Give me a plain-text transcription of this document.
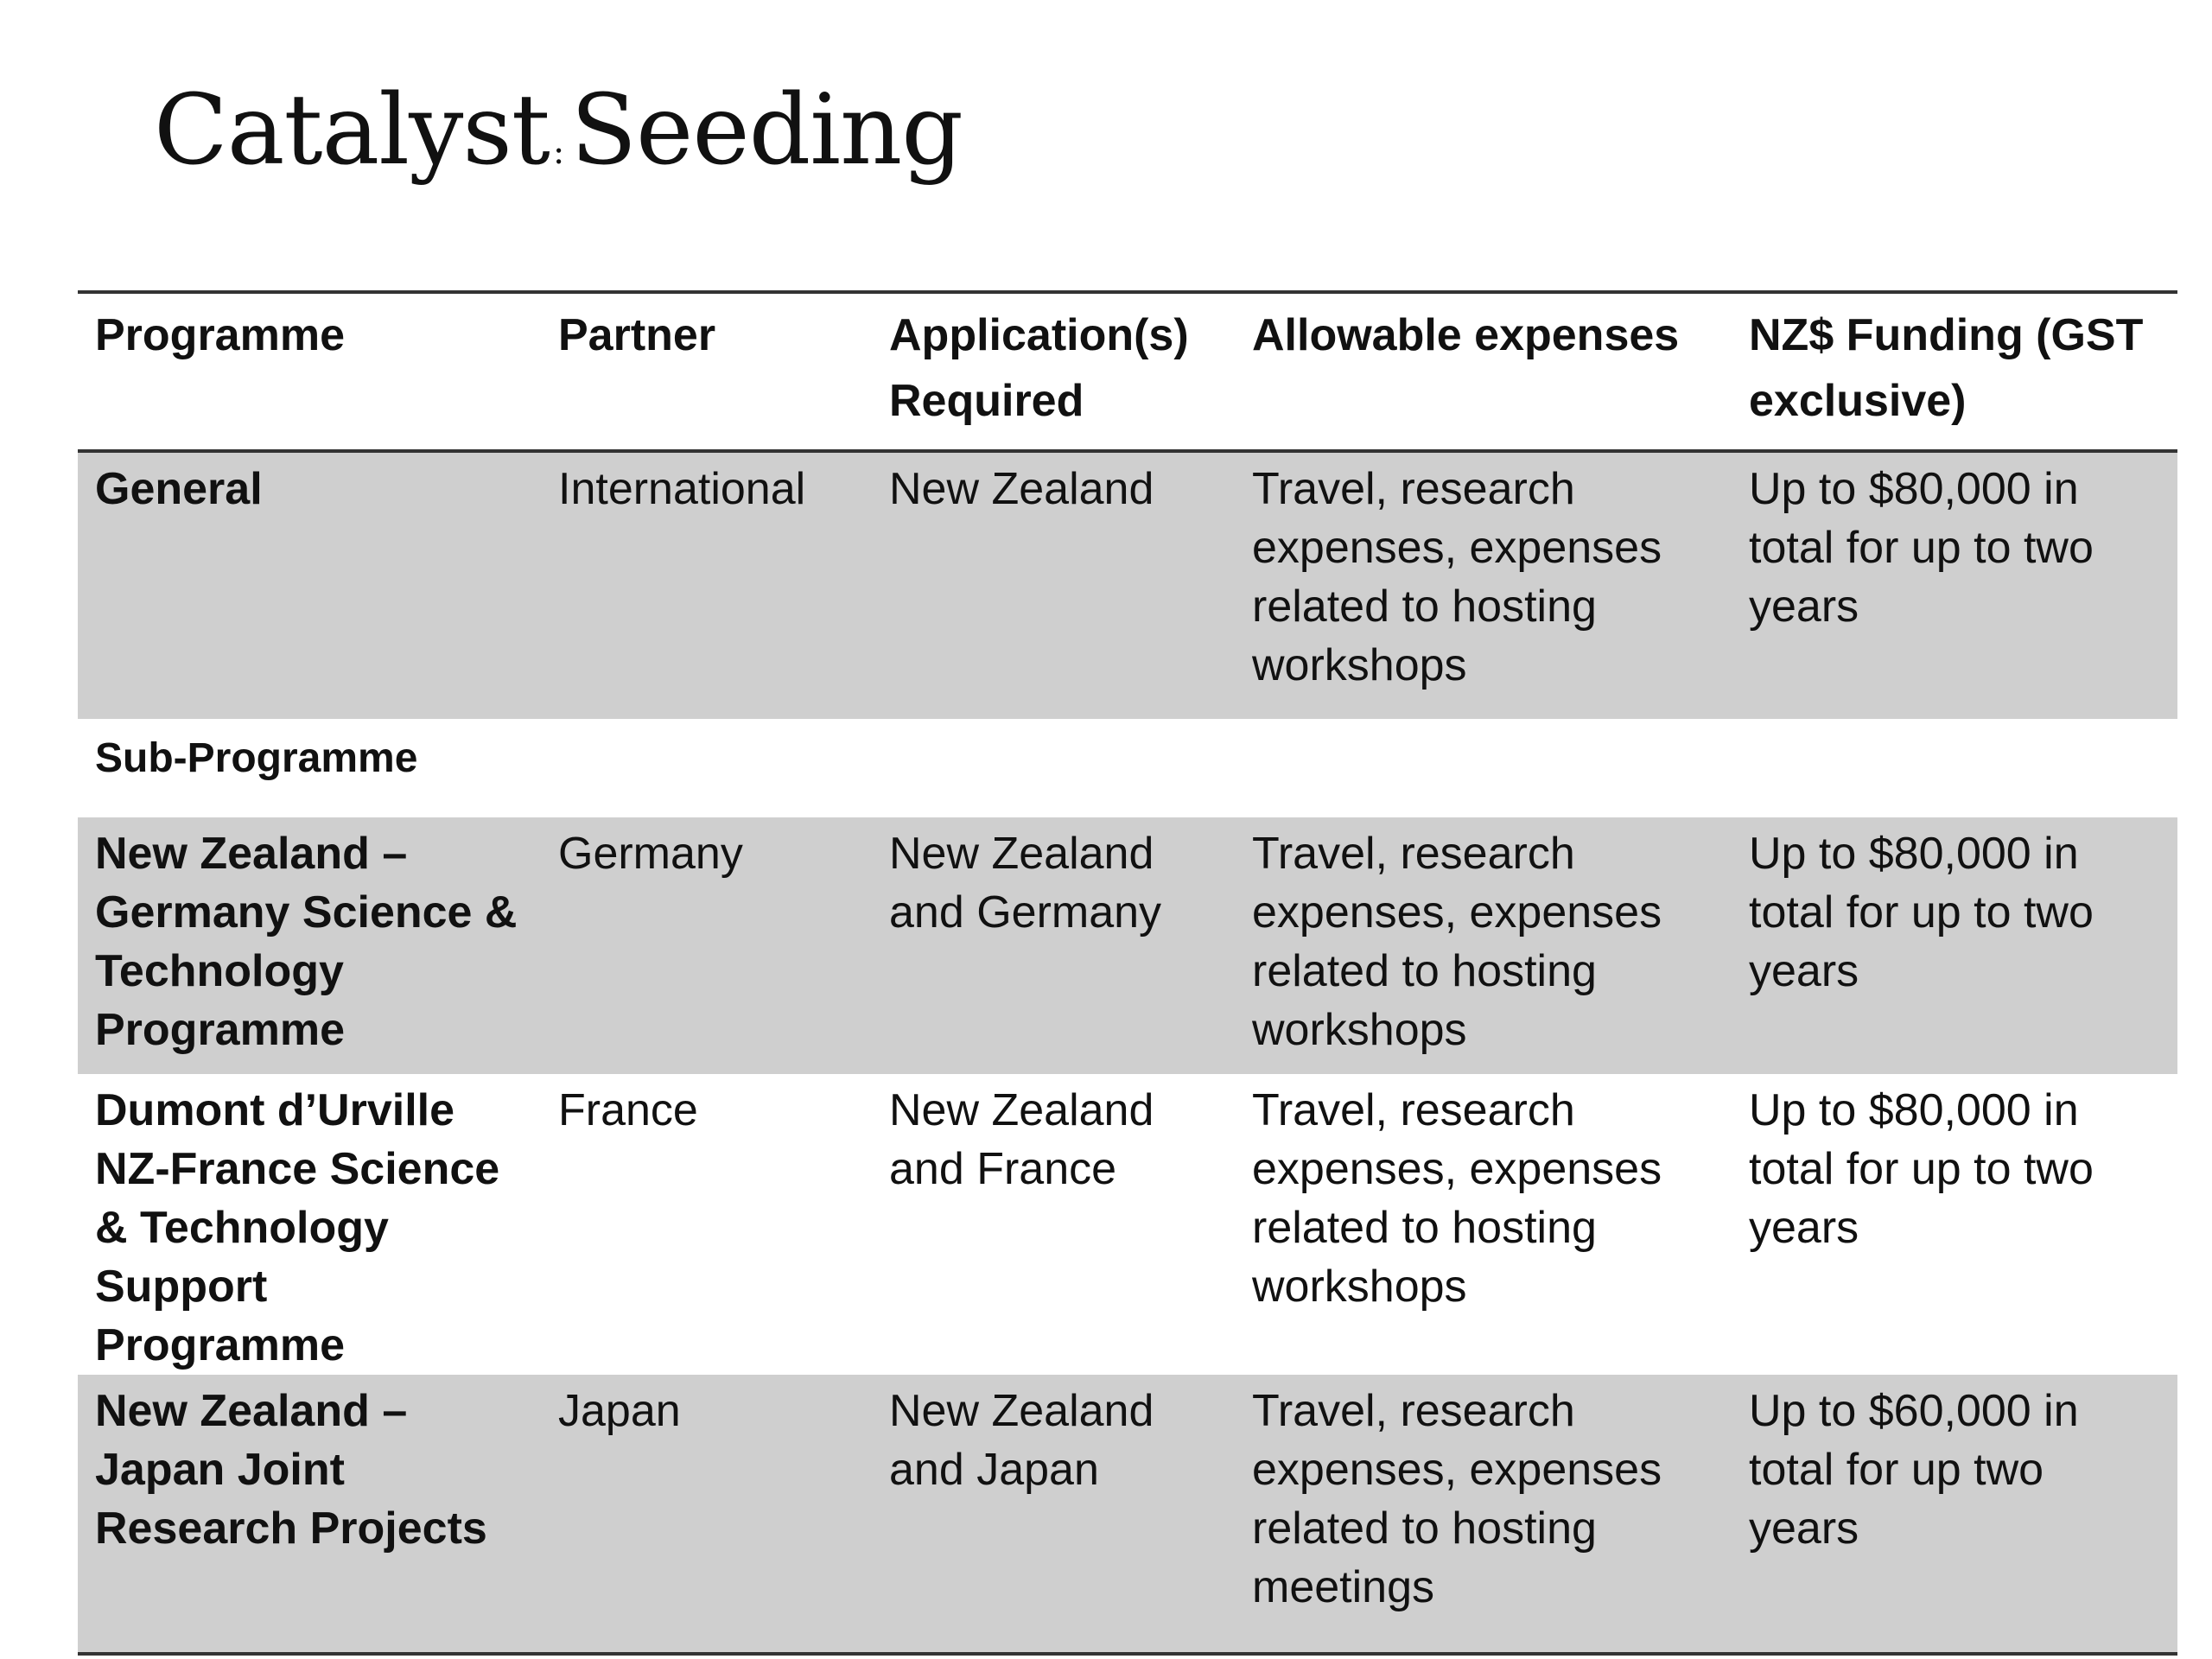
Catalyst :Seeding
Programme	Partner	Application(s) Required	Allowable expenses	NZ$ Funding (GST exclusive)
General	International	New Zealand	Travel, research expenses, expenses related to hosting workshops	Up to $80,000 in total for up to two years
Sub-Programme				
New Zealand – Germany Science & Technology Programme	Germany	New Zealand and Germany	Travel, research expenses, expenses related to hosting workshops	Up to $80,000 in total for up to two years
Dumont d’Urville NZ-France Science & Technology Support Programme	France	New Zealand and France	Travel, research expenses, expenses related to hosting workshops	Up to $80,000 in total for up to two years
New Zealand – Japan Joint Research Projects	Japan	New Zealand and Japan	Travel, research expenses, expenses related to hosting meetings	Up to $60,000 in total for up two years
